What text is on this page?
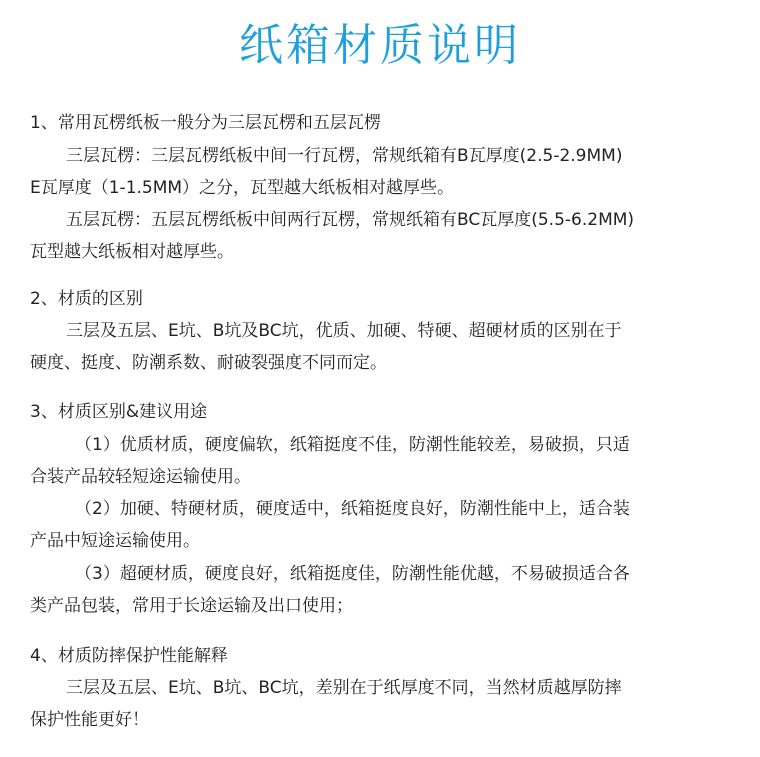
纸箱材质说明
1、常用瓦楞纸板一般分为三层瓦楞和五层瓦楞
三层瓦楞：三层瓦楞纸板中间一行瓦楞，常规纸箱有B瓦厚度(2.5-2.9MM)
E瓦厚度（1-1.5MM）之分，瓦型越大纸板相对越厚些。
五层瓦楞：五层瓦楞纸板中间两行瓦楞，常规纸箱有BC瓦厚度(5.5-6.2MM)
瓦型越大纸板相对越厚些。
2、材质的区别
三层及五层、E坑、B坑及BC坑，优质、加硬、特硬、超硬材质的区别在于
硬度、挺度、防潮系数、耐破裂强度不同而定。
3、材质区别&建议用途
（1）优质材质，硬度偏软，纸箱挺度不佳，防潮性能较差，易破损，只适
合装产品较轻短途运输使用。
（2）加硬、特硬材质，硬度适中，纸箱挺度良好，防潮性能中上，适合装
产品中短途运输使用。
（3）超硬材质，硬度良好，纸箱挺度佳，防潮性能优越，不易破损适合各
类产品包装，常用于长途运输及出口使用；
4、材质防摔保护性能解释
三层及五层、E坑、B坑、BC坑，差别在于纸厚度不同，当然材质越厚防摔
保护性能更好！
